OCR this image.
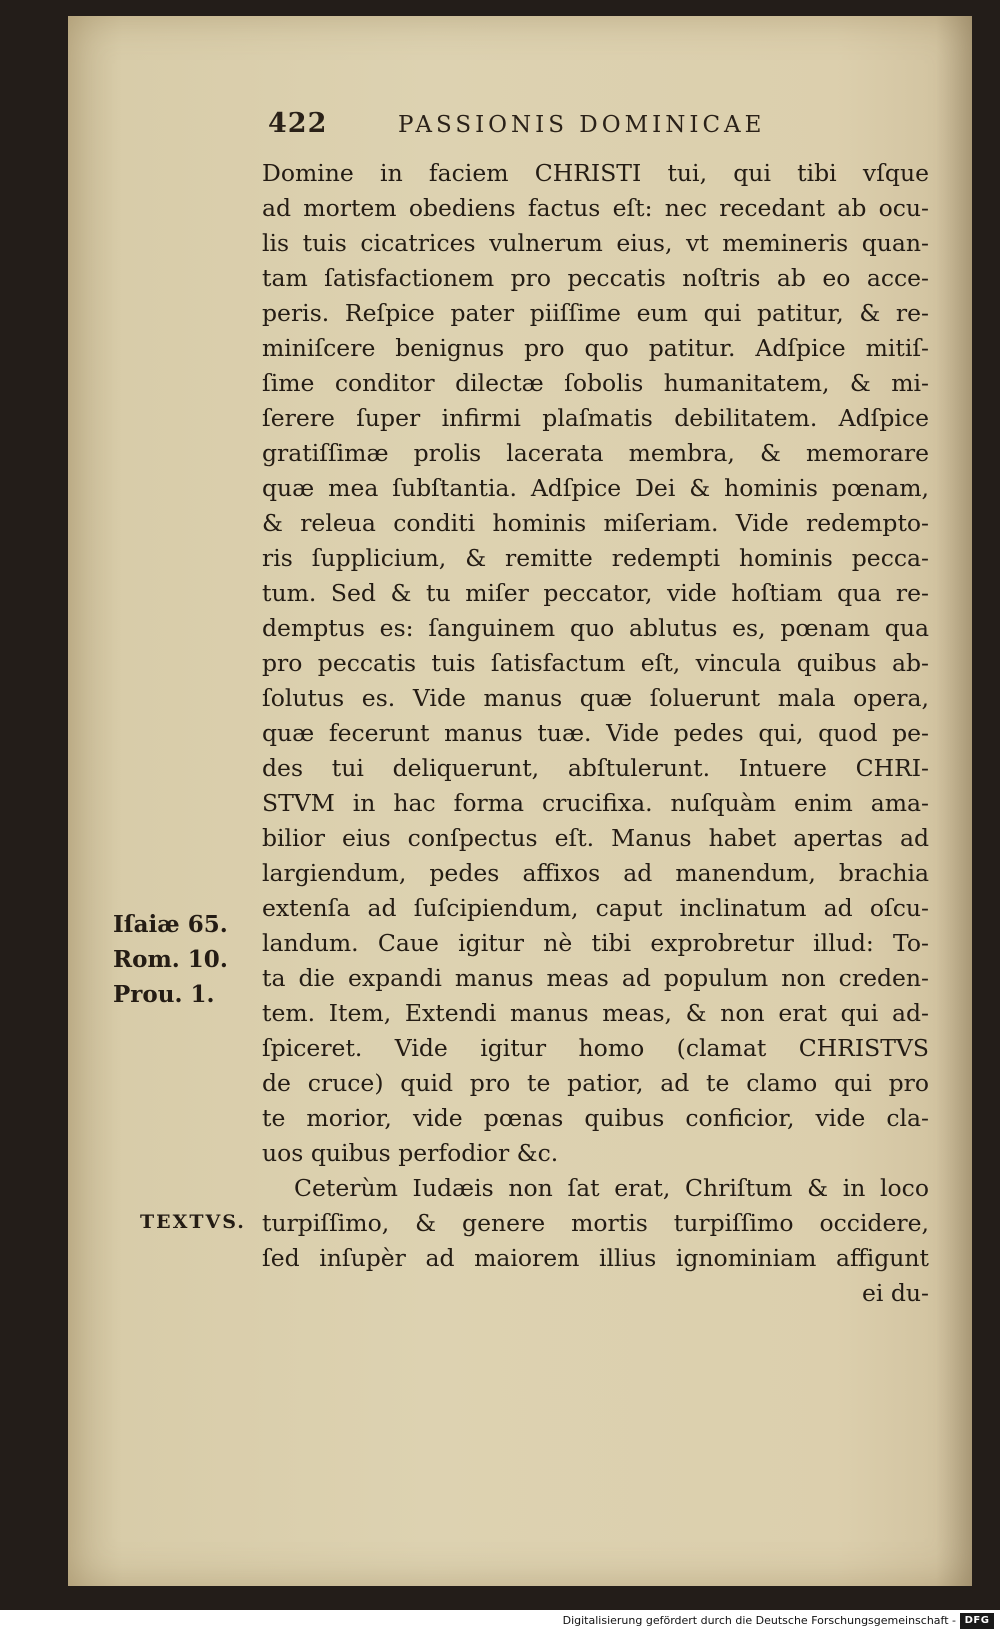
422	PASSIONIS DOMINICAE
Domine in faciem CHRISTI tui, qui tibi vſque
ad mortem obediens factus eſt: nec recedant ab ocu-
lis tuis cicatrices vulnerum eius, vt memineris quan-
tam ſatisfactionem pro peccatis noſtris ab eo acce-
peris. Reſpice pater piiſſime eum qui patitur, & re-
miniſcere benignus pro quo patitur. Adſpice mitiſ-
ſime conditor dilectæ ſobolis humanitatem, & mi-
ſerere ſuper infirmi plaſmatis debilitatem. Adſpice
gratiſſimæ prolis lacerata membra, & memorare
quæ mea ſubſtantia. Adſpice Dei & hominis pœnam,
& releua conditi hominis miſeriam. Vide redempto-
ris ſupplicium, & remitte redempti hominis pecca-
tum. Sed & tu miſer peccator, vide hoſtiam qua re-
demptus es: ſanguinem quo ablutus es, pœnam qua
pro peccatis tuis ſatisfactum eſt, vincula quibus ab-
ſolutus es. Vide manus quæ ſoluerunt mala opera,
quæ fecerunt manus tuæ. Vide pedes qui, quod pe-
des tui deliquerunt, abſtulerunt. Intuere CHRI-
STVM in hac forma crucifixa. nuſquàm enim ama-
bilior eius conſpectus eſt. Manus habet apertas ad
largiendum, pedes affixos ad manendum, brachia
extenſa ad ſuſcipiendum, caput inclinatum ad oſcu-
landum. Caue igitur nè tibi exprobretur illud: To-
ta die expandi manus meas ad populum non creden-
tem. Item, Extendi manus meas, & non erat qui ad-
ſpiceret. Vide igitur homo (clamat CHRISTVS
de cruce) quid pro te patior, ad te clamo qui pro
te morior, vide pœnas quibus conficior, vide cla-
uos quibus perfodior &c.
Ceterùm Iudæis non ſat erat, Chriſtum & in loco
turpiſſimo, & genere mortis turpiſſimo occidere,
ſed inſupèr ad maiorem illius ignominiam affigunt
ei du-
Iſaiæ 65.
Rom. 10.
Prou. 1.
TEXTVS.
Digitalisierung gefördert durch die Deutsche Forschungsgemeinschaft - DFG
